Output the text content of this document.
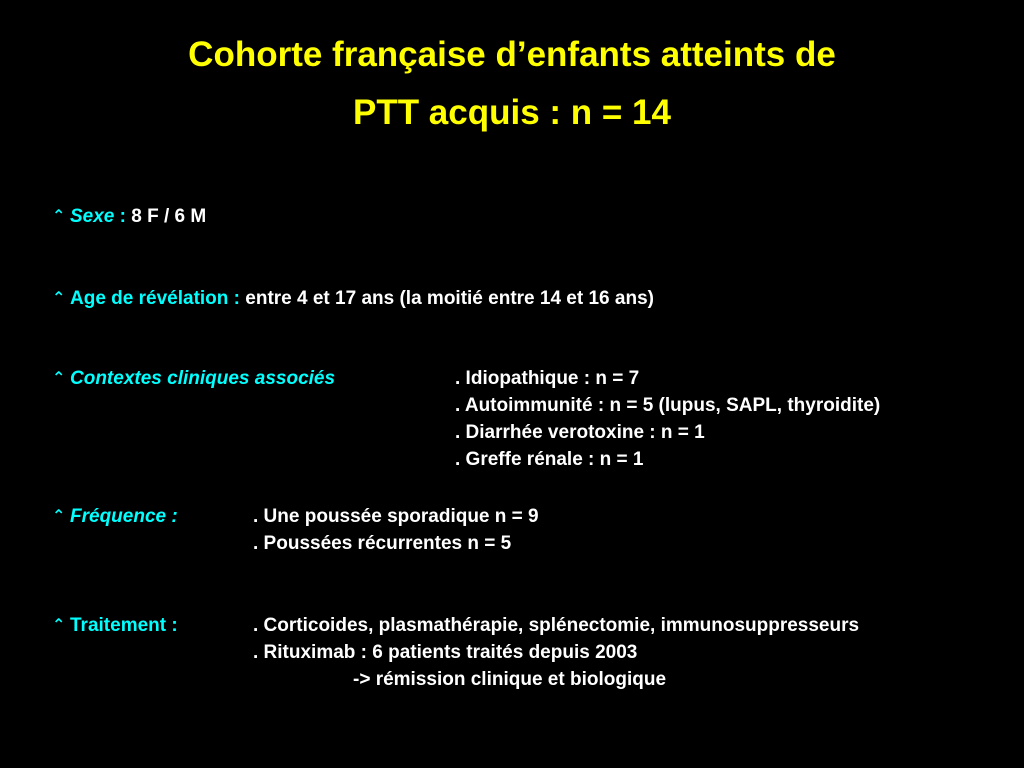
Cohorte française d’enfants atteints de
PTT acquis : n = 14
⌃ Sexe : 8 F / 6 M
⌃ Age de révélation : entre 4 et 17 ans (la moitié entre 14 et 16 ans)
⌃ Contextes cliniques associés	. Idiopathique : n = 7
. Autoimmunité : n = 5 (lupus, SAPL, thyroidite)
. Diarrhée verotoxine : n = 1
. Greffe rénale : n = 1
⌃ Fréquence :	. Une poussée sporadique n = 9
. Poussées récurrentes n = 5
⌃ Traitement :	. Corticoides, plasmathérapie, splénectomie, immunosuppresseurs
. Rituximab : 6 patients traités depuis 2003
-> rémission clinique et biologique
